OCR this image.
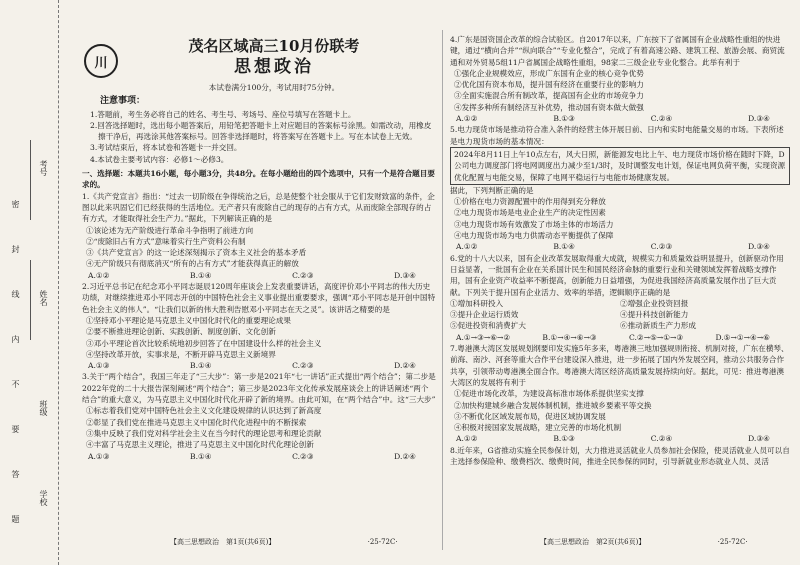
考号
姓名
班级
学校
密
封
线
内
不
要
答
题
川
茂名区域高三10月份联考
思想政治
本试卷满分100分，考试用时75分钟。
注意事项：

1.答题前，考生务必将自己的姓名、考生号、考场号、座位号填写在答题卡上。

2.回答选择题时，选出每小题答案后，用铅笔把答题卡上对应题目的答案标号涂黑。如需改动，用橡皮擦干净后，再选涂其他答案标号。回答非选择题时，将答案写在答题卡上。写在本试卷上无效。

3.考试结束后，将本试卷和答题卡一并交回。

4.本试卷主要考试内容：必修1～必修3。

一、选择题：本题共16小题，每小题3分，共48分。在每小题给出的四个选项中，只有一个是符合题目要求的。

1.《共产党宣言》指出：“过去一切阶级在争得统治之后，总是使整个社会服从于它们发财致富的条件，企图以此来巩固它们已经获得的生活地位。无产者只有废除自己的现存的占有方式，从而废除全部现存的占有方式，才能取得社会生产力。”据此，下列解读正确的是

①该论述为无产阶级进行革命斗争指明了前进方向

②“废除旧占有方式”意味着实行生产资料公有制

③《共产党宣言》的这一论述深刻揭示了资本主义社会的基本矛盾

④无产阶级只有彻底消灭“所有的占有方式”才能获得真正的解放

A.①②	B.①④	C.②③	D.③④

2.习近平总书记在纪念邓小平同志诞辰120周年座谈会上发表重要讲话，高度评价邓小平同志的伟大历史功绩，对继续推进邓小平同志开创的中国特色社会主义事业提出重要要求，强调“邓小平同志是开创中国特色社会主义的伟人”。“让我们以新的伟大胜利告慰邓小平同志在天之灵”。该讲话之精要的是

①坚持邓小平理论是马克思主义中国化时代化的重要理论成果

②要不断推进理论创新、实践创新、制度创新、文化创新

③邓小平理论首次比较系统地初步回答了在中国建设什么样的社会主义

④坚持改革开放，实事求是，不断开辟马克思主义新境界

A.①③	B.①④	C.②③	D.②④

3.关于“两个结合”，我国三年走了“三大步”：第一步是2021年“七一讲话”正式提出“两个结合”；第二步是2022年党的二十大报告深刻阐述“两个结合”；第三步是2023年文化传承发展座谈会上的讲话阐述“两个结合”的重大意义，为马克思主义中国化时代化开辟了新的境界。由此可知，在“两个结合”中。这“三大步”

①标志着我们党对中国特色社会主义文化建设规律的认识达到了新高度

②彰显了我们党在推进马克思主义中国化时代化进程中的不断探索

③集中反映了我们党对科学社会主义在当今时代的理论思考和理论贡献

④丰富了马克思主义理论，推进了马克思主义中国化时代化理论创新

A.①③	B.①④	C.②③	D.②④

4.广东是国资国企改革的综合试验区。自2017年以来，广东按下了省属国有企业战略性重组的快进键，通过“横向合并”“纵向联合”“专业化整合”，完成了有着高速公路、建筑工程、旅游会展、商贸流通和对外贸易5组11户省属国企战略性重组，98家二三级企业专业化整合。此举有利于

①强化企业规模效应，形成广东国有企业的核心竞争优势

②优化国有资本布局，提升国有经济在重要行业的影响力

③全面实施混合所有制改革，提高国有企业的市场竞争力

④发挥多种所有制经济互补优势，推动国有资本做大做强

A.①②	B.①③	C.②④	D.③④

5.电力现货市场是推动符合准入条件的经营主体开展日前、日内和实时电能量交易的市场。下表所述是电力现货市场的基本情况：

2024年8月11日上午10点左右，风大日照，新能源发电比上午、电力现货市场价格在随时下降，D公司电力调度部门将电网调度出力减少至1/3时，及时调整发电计划，保证电网负荷平衡，实现资源优化配置与电能交易，保障了电网平稳运行与电能市场健康发展。

据此，下列判断正确的是

①价格在电力资源配置中的作用得到充分释放

②电力现货市场是电业企业生产的决定性因素

③电力现货市场有效激发了市场主体的市场活力

④电力现货市场为电力供需动态平衡提供了保障

A.①②	B.①④	C.②③	D.③④

6.党的十八大以来，国有企业改革发展取得重大成就，规模实力和质量效益明显提升，创新驱动作用日益显著，一批国有企业在关系国计民生和国民经济命脉的重要行业和关键领域发挥着战略支撑作用，国有企业资产收益率不断提高，创新能力日益增强，为促进我国经济高质量发展作出了巨大贡献。下列关于提升国有企业活力、效率的举措，逻辑顺序正确的是

①增加科研投入	②增强企业投资回报
③提升企业运行质效	④提升科技创新能力
⑤促进投资和消费扩大	⑥推动新质生产力形成
A.①→③→⑥→②	B.①→④→⑥→③	C.②→⑤→①→③	D.⑤→①→④→⑥

7.粤港澳大湾区发展规划纲要印发实施5年多来，粤港澳三地加强规则衔接、机制对接，广东在横琴、前海、南沙、河套等重大合作平台建设深入推进，进一步拓展了国内外发展空间，推动公共服务合作共享，引领带动粤港澳全面合作。粤港澳大湾区经济高质量发展持续向好。据此，可见：推进粤港澳大湾区的发展将有利于

①促进市场化改革，为建设高标准市场体系提供坚实支撑

②加快构建城乡融合发展体制机制，推进城乡要素平等交换

③不断优化区域发展布局，促进区域协调发展

④积极对接国家发展战略，建立完善的市场化机制

A.①②	B.①③	C.②④	D.③④

8.近年来，G省推动实施全民参保计划，大力推进灵活就业人员参加社会保险，使灵活就业人员可以自主选择参保险种、缴费档次、缴费时间，推进全民参保的同时，引导新就业形态就业人员、灵活

【高三思想政治　第1页(共6页)】	·25-72C·	【高三思想政治　第2页(共6页)】	·25-72C·
